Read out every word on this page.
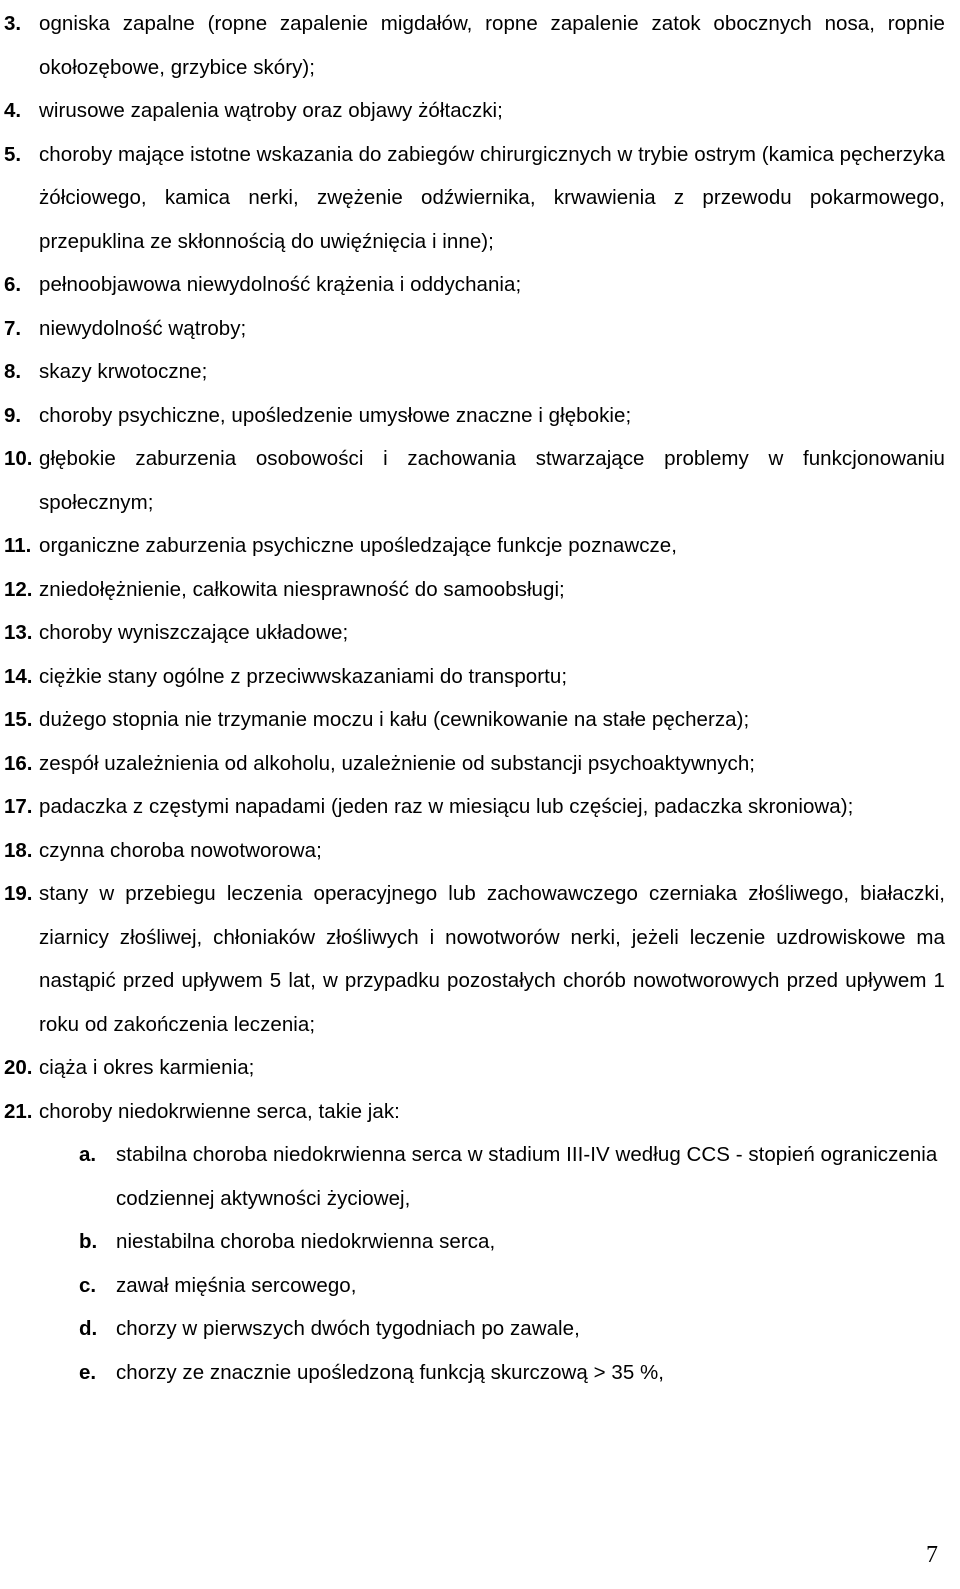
3. ogniska zapalne (ropne zapalenie migdałów, ropne zapalenie zatok obocznych nosa, ropnie okołozębowe, grzybice skóry);
4. wirusowe zapalenia wątroby oraz objawy żółtaczki;
5. choroby mające istotne wskazania do zabiegów chirurgicznych w trybie ostrym (kamica pęcherzyka żółciowego, kamica nerki, zwężenie odźwiernika, krwawienia z przewodu pokarmowego, przepuklina ze skłonnością do uwięźnięcia i inne);
6. pełnoobjawowa niewydolność krążenia i oddychania;
7. niewydolność wątroby;
8. skazy krwotoczne;
9. choroby psychiczne, upośledzenie umysłowe znaczne i głębokie;
10. głębokie zaburzenia osobowości i zachowania stwarzające problemy w funkcjonowaniu społecznym;
11. organiczne zaburzenia psychiczne upośledzające funkcje poznawcze,
12. zniedołężnienie, całkowita niesprawność do samoobsługi;
13. choroby wyniszczające układowe;
14. ciężkie stany ogólne z przeciwwskazaniami do transportu;
15. dużego stopnia nie trzymanie moczu i kału (cewnikowanie na stałe pęcherza);
16. zespół uzależnienia od alkoholu, uzależnienie od substancji psychoaktywnych;
17. padaczka z częstymi napadami (jeden raz w miesiącu lub częściej, padaczka skroniowa);
18. czynna choroba nowotworowa;
19. stany w przebiegu leczenia operacyjnego lub zachowawczego czerniaka złośliwego, białaczki, ziarnicy złośliwej, chłoniaków złośliwych i nowotworów nerki, jeżeli leczenie uzdrowiskowe ma nastąpić przed upływem 5 lat, w przypadku pozostałych chorób nowotworowych przed upływem 1 roku od zakończenia leczenia;
20. ciąża i okres karmienia;
21. choroby niedokrwienne serca, takie jak:
a. stabilna choroba niedokrwienna serca w stadium III-IV według CCS - stopień ograniczenia codziennej aktywności życiowej,
b. niestabilna choroba niedokrwienna serca,
c. zawał mięśnia sercowego,
d. chorzy w pierwszych dwóch tygodniach po zawale,
e. chorzy ze znacznie upośledzoną funkcją skurczową > 35 %,
7
